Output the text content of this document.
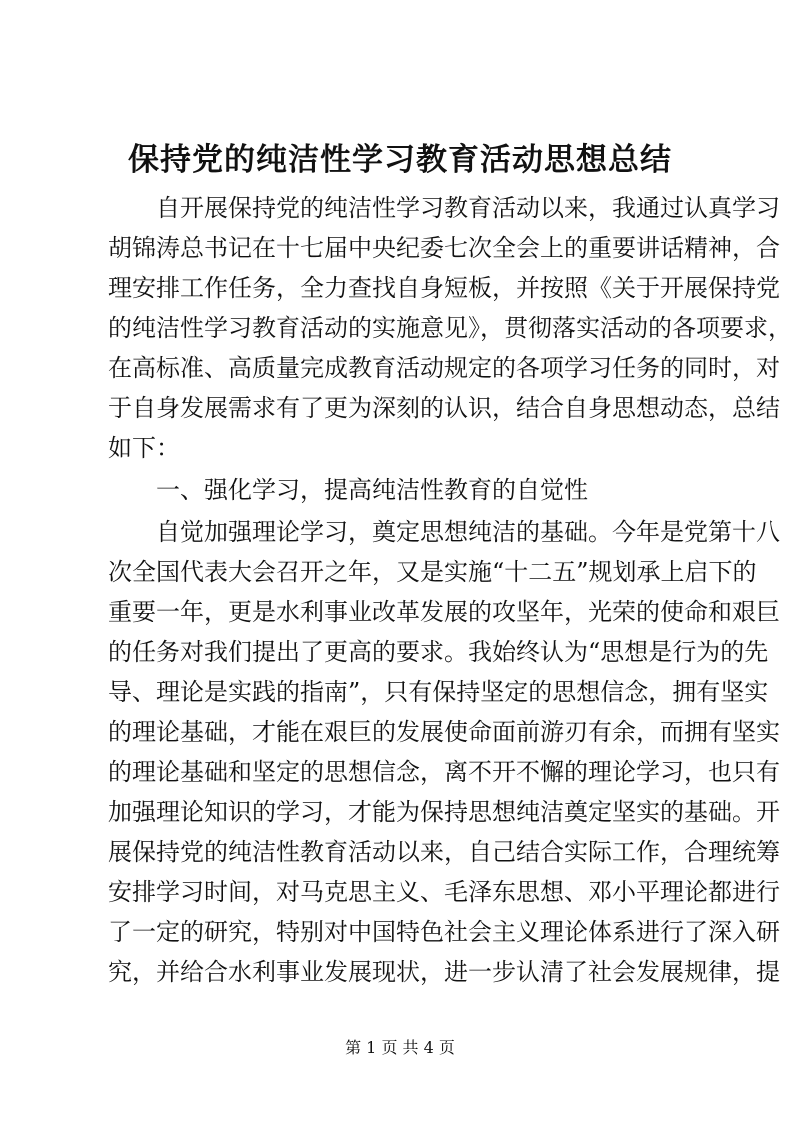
保持党的纯洁性学习教育活动思想总结

自开展保持党的纯洁性学习教育活动以来，我通过认真学习

胡锦涛总书记在十七届中央纪委七次全会上的重要讲话精神，合

理安排工作任务，全力查找自身短板，并按照《关于开展保持党

的纯洁性学习教育活动的实施意见》，贯彻落实活动的各项要求，

在高标准、高质量完成教育活动规定的各项学习任务的同时，对

于自身发展需求有了更为深刻的认识，结合自身思想动态，总结

如下：

一、强化学习，提高纯洁性教育的自觉性

自觉加强理论学习，奠定思想纯洁的基础。今年是党第十八

次全国代表大会召开之年，又是实施“十二五”规划承上启下的

重要一年，更是水利事业改革发展的攻坚年，光荣的使命和艰巨

的任务对我们提出了更高的要求。我始终认为“思想是行为的先

导、理论是实践的指南”，只有保持坚定的思想信念，拥有坚实

的理论基础，才能在艰巨的发展使命面前游刃有余，而拥有坚实

的理论基础和坚定的思想信念，离不开不懈的理论学习，也只有

加强理论知识的学习，才能为保持思想纯洁奠定坚实的基础。开

展保持党的纯洁性教育活动以来，自己结合实际工作，合理统筹

安排学习时间，对马克思主义、毛泽东思想、邓小平理论都进行

了一定的研究，特别对中国特色社会主义理论体系进行了深入研

究，并给合水利事业发展现状，进一步认清了社会发展规律，提

第 1 页 共 4 页
